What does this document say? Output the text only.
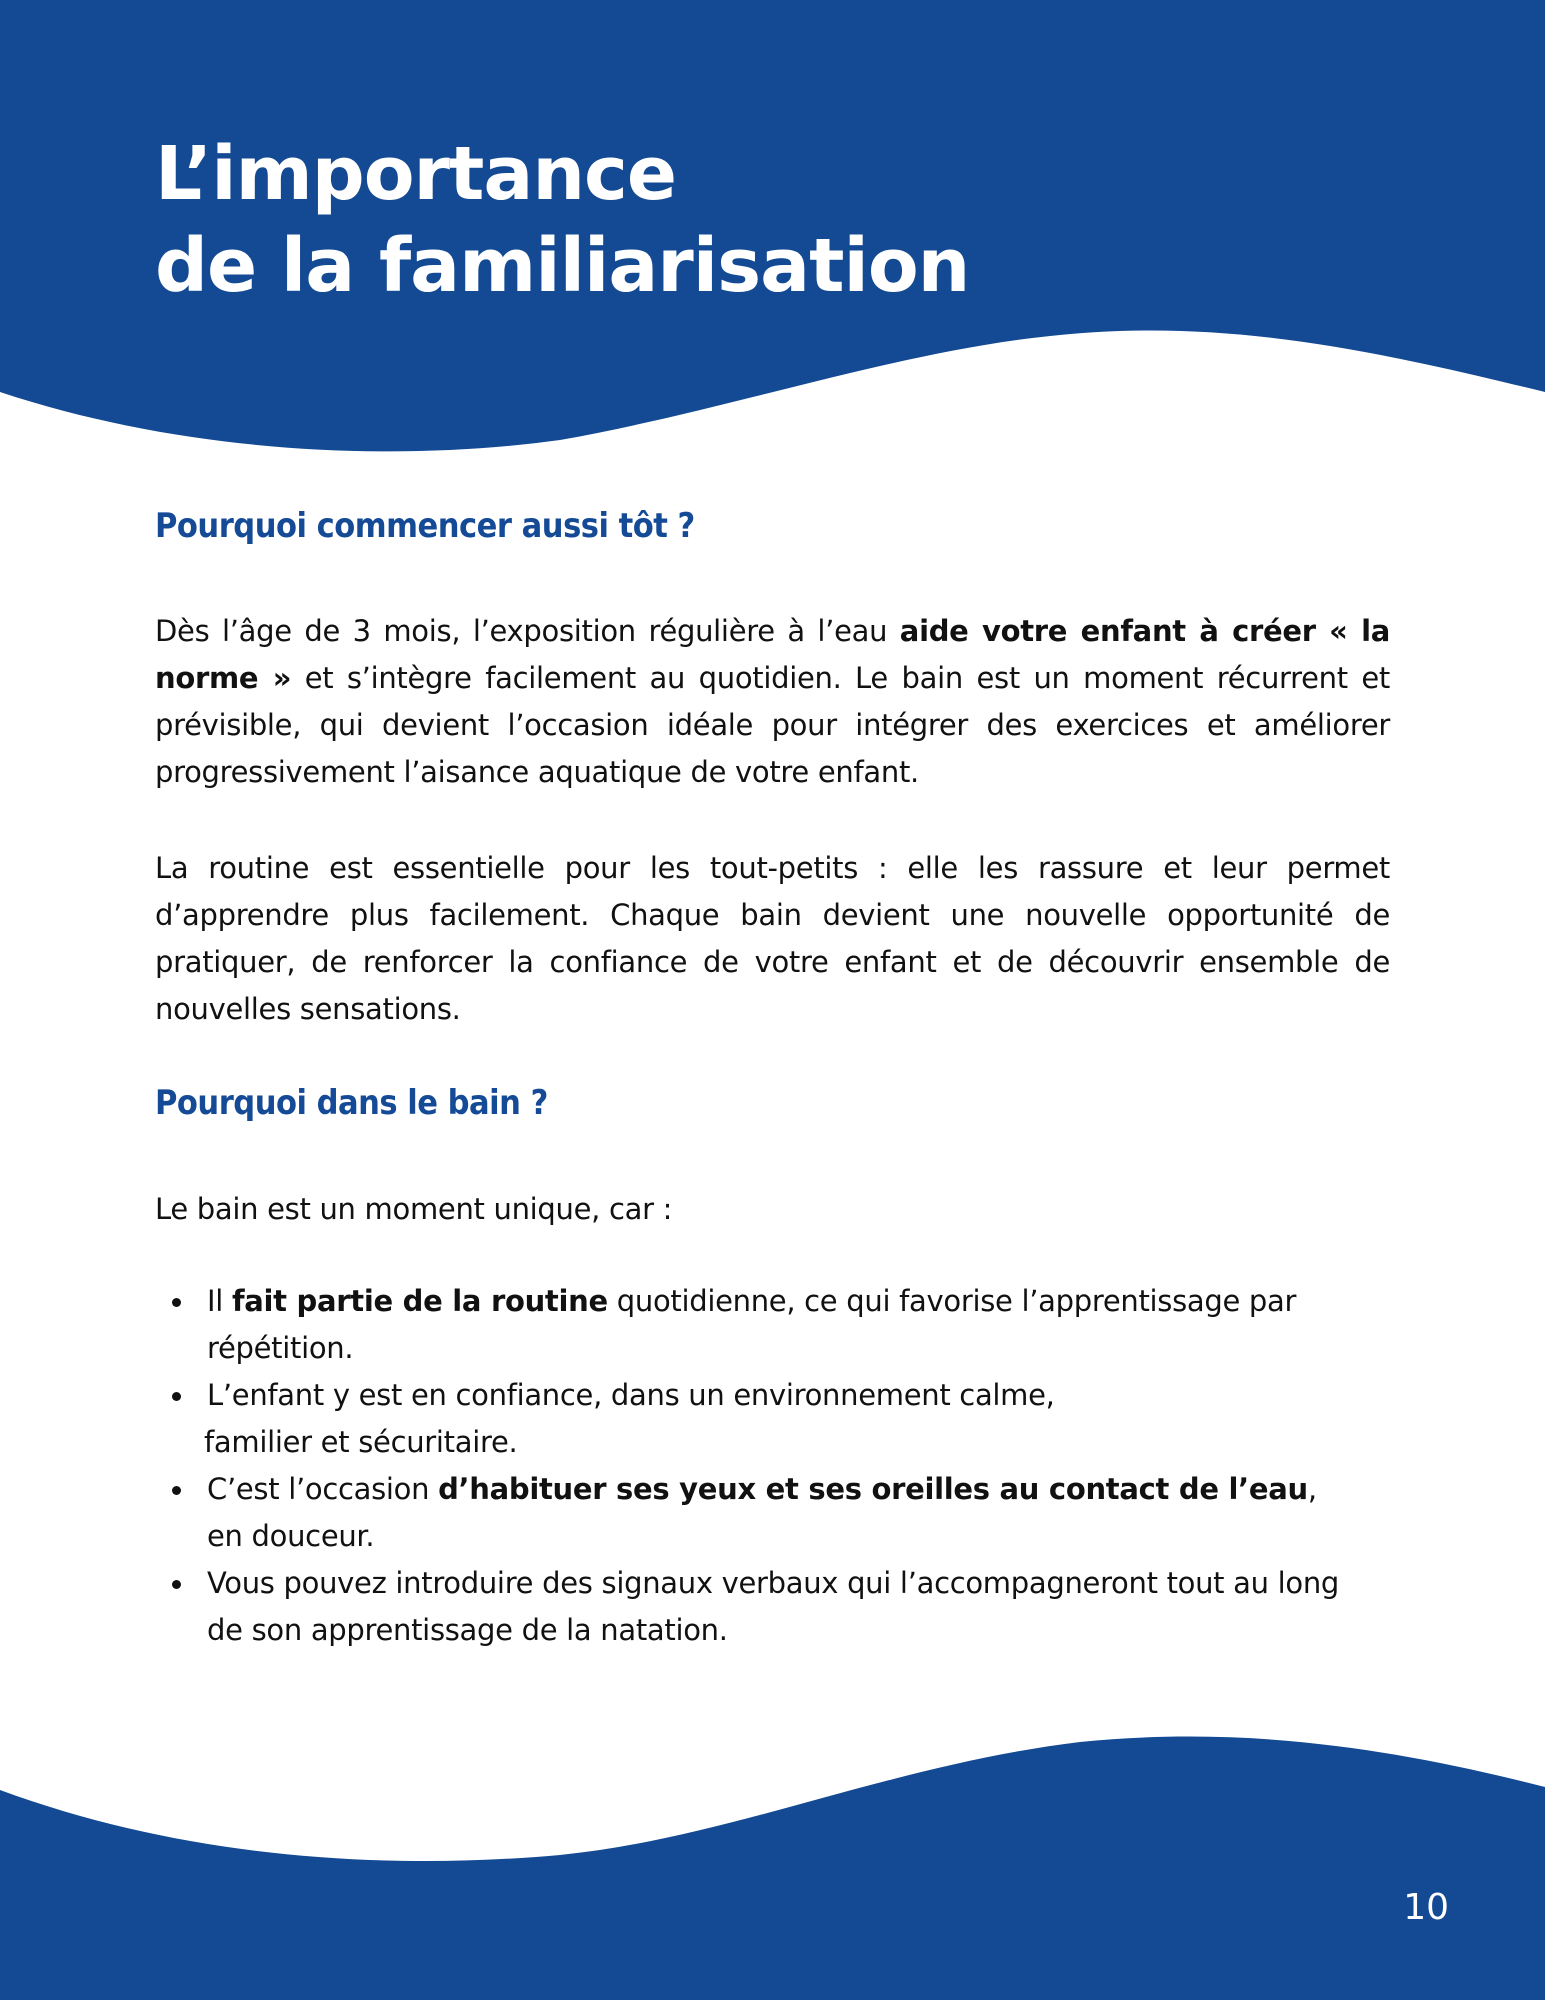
L’importance
de la familiarisation
Pourquoi commencer aussi tôt ?

Dès l’âge de 3 mois, l’exposition régulière à l’eau aide votre enfant à créer « la norme » et s’intègre facilement au quotidien. Le bain est un moment récurrent et prévisible, qui devient l’occasion idéale pour intégrer des exercices et améliorer progressivement l’aisance aquatique de votre enfant.

La routine est essentielle pour les tout-petits : elle les rassure et leur permet d’apprendre plus facilement. Chaque bain devient une nouvelle opportunité de pratiquer, de renforcer la confiance de votre enfant et de découvrir ensemble de nouvelles sensations.

Pourquoi dans le bain ?

Le bain est un moment unique, car :

Il fait partie de la routine quotidienne, ce qui favorise l’apprentissage par répétition.
L’enfant y est en confiance, dans un environnement calme,
familier et sécuritaire.
C’est l’occasion d’habituer ses yeux et ses oreilles au contact de l’eau, en douceur.
Vous pouvez introduire des signaux verbaux qui l’accompagneront tout au long de son apprentissage de la natation.

10
